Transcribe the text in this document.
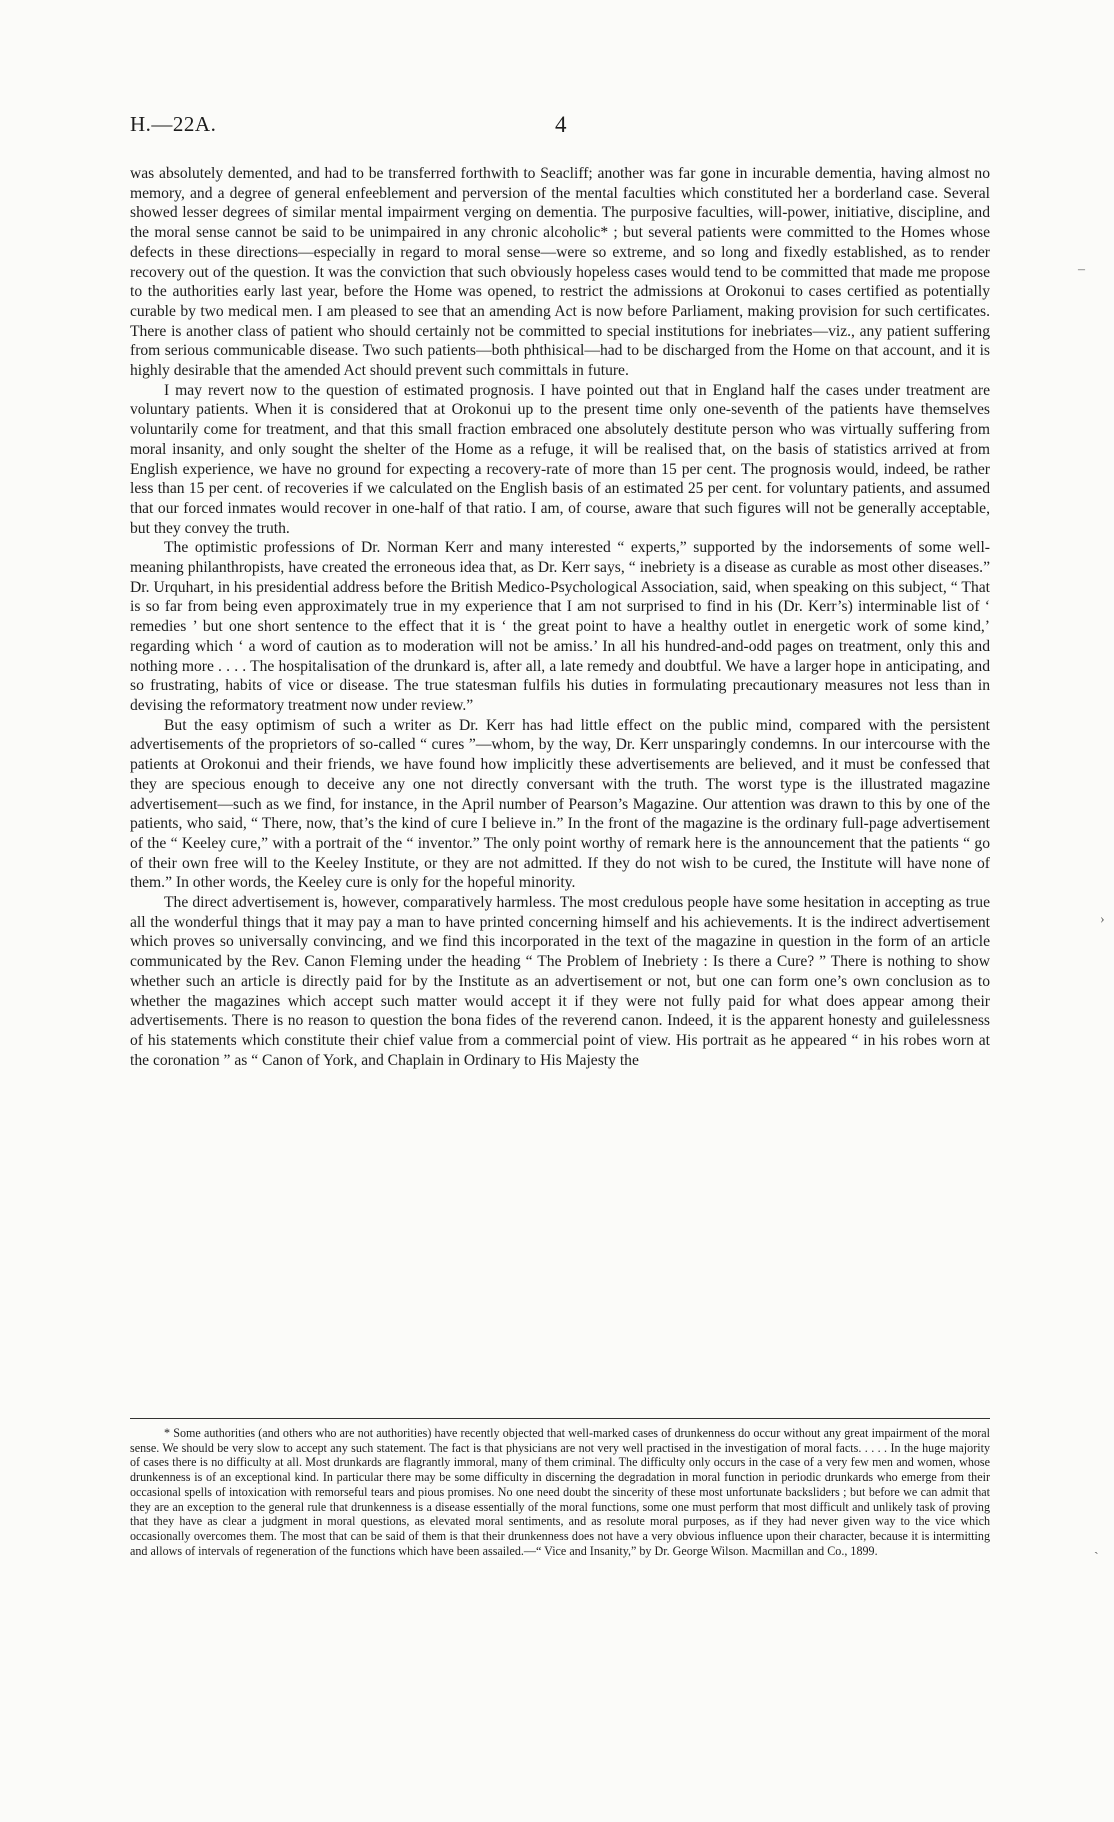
H.—22A.	4

was absolutely demented, and had to be transferred forthwith to Seacliff; another was far gone in incurable dementia, having almost no memory, and a degree of general enfeeblement and perversion of the mental faculties which constituted her a borderland case. Several showed lesser degrees of similar mental impairment verging on dementia. The purposive faculties, will-power, initiative, discipline, and the moral sense cannot be said to be unimpaired in any chronic alcoholic* ; but several patients were committed to the Homes whose defects in these directions—especially in regard to moral sense—were so extreme, and so long and fixedly established, as to render recovery out of the question. It was the conviction that such obviously hopeless cases would tend to be committed that made me propose to the authorities early last year, before the Home was opened, to restrict the admissions at Orokonui to cases certified as potentially curable by two medical men. I am pleased to see that an amending Act is now before Parliament, making provision for such certificates. There is another class of patient who should certainly not be committed to special institutions for inebriates—viz., any patient suffering from serious communicable disease. Two such patients—both phthisical—had to be discharged from the Home on that account, and it is highly desirable that the amended Act should prevent such committals in future.

I may revert now to the question of estimated prognosis. I have pointed out that in England half the cases under treatment are voluntary patients. When it is considered that at Orokonui up to the present time only one-seventh of the patients have themselves voluntarily come for treatment, and that this small fraction embraced one absolutely destitute person who was virtually suffering from moral insanity, and only sought the shelter of the Home as a refuge, it will be realised that, on the basis of statistics arrived at from English experience, we have no ground for expecting a recovery-rate of more than 15 per cent. The prognosis would, indeed, be rather less than 15 per cent. of recoveries if we calculated on the English basis of an estimated 25 per cent. for voluntary patients, and assumed that our forced inmates would recover in one-half of that ratio. I am, of course, aware that such figures will not be generally acceptable, but they convey the truth.

The optimistic professions of Dr. Norman Kerr and many interested “ experts,” supported by the indorsements of some well-meaning philanthropists, have created the erroneous idea that, as Dr. Kerr says, “ inebriety is a disease as curable as most other diseases.” Dr. Urquhart, in his presidential address before the British Medico-Psychological Association, said, when speaking on this subject, “ That is so far from being even approximately true in my experience that I am not surprised to find in his (Dr. Kerr’s) interminable list of ‘ remedies ’ but one short sentence to the effect that it is ‘ the great point to have a healthy outlet in energetic work of some kind,’ regarding which ‘ a word of caution as to moderation will not be amiss.’ In all his hundred-and-odd pages on treatment, only this and nothing more . . . . The hospitalisation of the drunkard is, after all, a late remedy and doubtful. We have a larger hope in anticipating, and so frustrating, habits of vice or disease. The true statesman fulfils his duties in formulating precautionary measures not less than in devising the reformatory treatment now under review.”

But the easy optimism of such a writer as Dr. Kerr has had little effect on the public mind, compared with the persistent advertisements of the proprietors of so-called “ cures ”—whom, by the way, Dr. Kerr unsparingly condemns. In our intercourse with the patients at Orokonui and their friends, we have found how implicitly these advertisements are believed, and it must be confessed that they are specious enough to deceive any one not directly conversant with the truth. The worst type is the illustrated magazine advertisement—such as we find, for instance, in the April number of Pearson’s Magazine. Our attention was drawn to this by one of the patients, who said, “ There, now, that’s the kind of cure I believe in.” In the front of the magazine is the ordinary full-page advertisement of the “ Keeley cure,” with a portrait of the “ inventor.” The only point worthy of remark here is the announcement that the patients “ go of their own free will to the Keeley Institute, or they are not admitted. If they do not wish to be cured, the Institute will have none of them.” In other words, the Keeley cure is only for the hopeful minority.

The direct advertisement is, however, comparatively harmless. The most credulous people have some hesitation in accepting as true all the wonderful things that it may pay a man to have printed concerning himself and his achievements. It is the indirect advertisement which proves so universally convincing, and we find this incorporated in the text of the magazine in question in the form of an article communicated by the Rev. Canon Fleming under the heading “ The Problem of Inebriety : Is there a Cure? ” There is nothing to show whether such an article is directly paid for by the Institute as an advertisement or not, but one can form one’s own conclusion as to whether the magazines which accept such matter would accept it if they were not fully paid for what does appear among their advertisements. There is no reason to question the bona fides of the reverend canon. Indeed, it is the apparent honesty and guilelessness of his statements which constitute their chief value from a commercial point of view. His portrait as he appeared “ in his robes worn at the coronation ” as “ Canon of York, and Chaplain in Ordinary to His Majesty the

* Some authorities (and others who are not authorities) have recently objected that well-marked cases of drunkenness do occur without any great impairment of the moral sense. We should be very slow to accept any such statement. The fact is that physicians are not very well practised in the investigation of moral facts. . . . . In the huge majority of cases there is no difficulty at all. Most drunkards are flagrantly immoral, many of them criminal. The difficulty only occurs in the case of a very few men and women, whose drunkenness is of an exceptional kind. In particular there may be some difficulty in discerning the degradation in moral function in periodic drunkards who emerge from their occasional spells of intoxication with remorseful tears and pious promises. No one need doubt the sincerity of these most unfortunate backsliders ; but before we can admit that they are an exception to the general rule that drunkenness is a disease essentially of the moral functions, some one must perform that most difficult and unlikely task of proving that they have as clear a judgment in moral questions, as elevated moral sentiments, and as resolute moral purposes, as if they had never given way to the vice which occasionally overcomes them. The most that can be said of them is that their drunkenness does not have a very obvious influence upon their character, because it is intermitting and allows of intervals of regeneration of the functions which have been assailed.—“ Vice and Insanity,” by Dr. George Wilson. Macmillan and Co., 1899.
–
›
ˎ
